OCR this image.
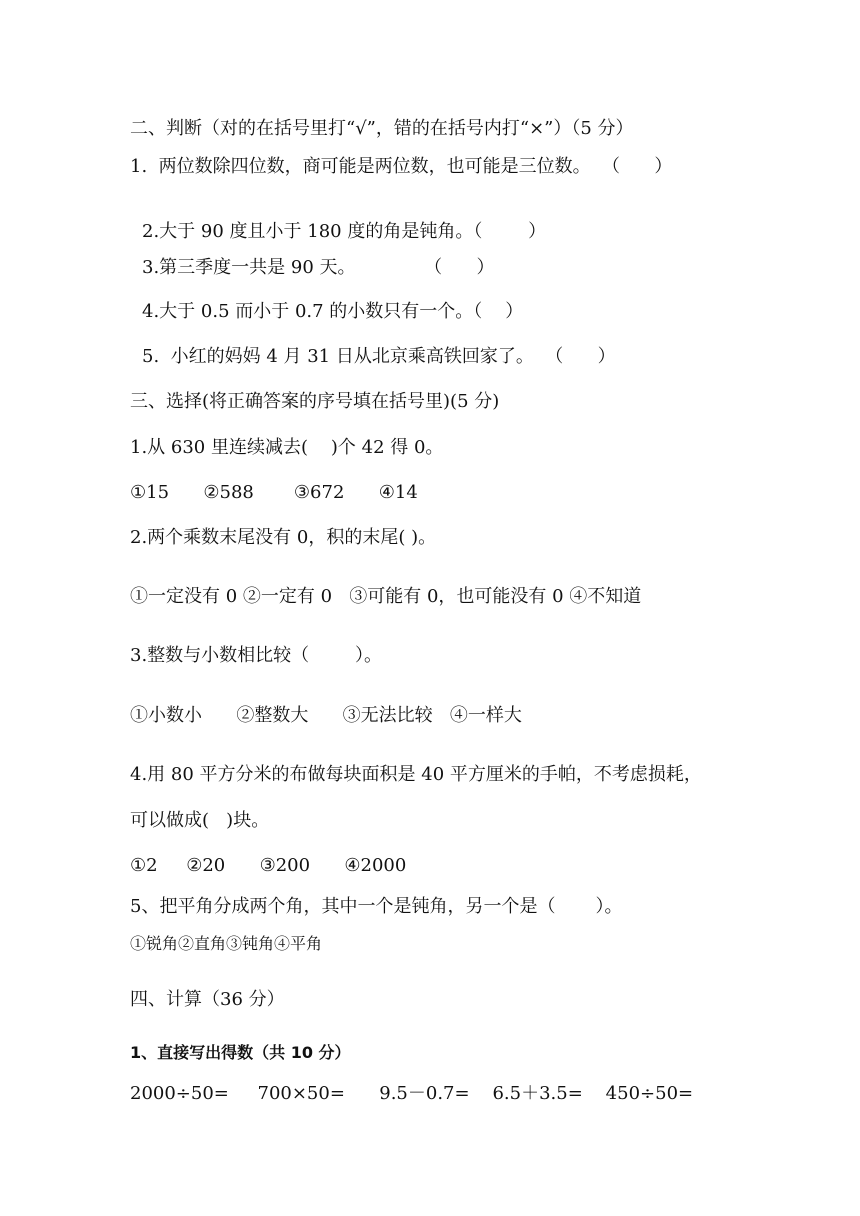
二、判断（对的在括号里打“√”，错的在括号内打“×”）（5 分）
1.  两位数除四位数，商可能是两位数，也可能是三位数。  （      ）
2.大于 90 度且小于 180 度的角是钝角。（        ）
3.第三季度一共是 90 天。            （      ）
4.大于 0.5 而小于 0.7 的小数只有一个。（    ）
5.  小红的妈妈 4 月 31 日从北京乘高铁回家了。  （      ）
三、选择(将正确答案的序号填在括号里)(5 分)
1.从 630 里连续减去(    )个 42 得 0。
①15      ②588       ③672      ④14
2.两个乘数末尾没有 0，积的末尾( )。
①一定没有 0 ②一定有 0   ③可能有 0，也可能没有 0 ④不知道
3.整数与小数相比较（        ）。
①小数小      ②整数大      ③无法比较   ④一样大
4.用 80 平方分米的布做每块面积是 40 平方厘米的手帕，不考虑损耗，
可以做成(   )块。
①2     ②20      ③200      ④2000
5、把平角分成两个角，其中一个是钝角，另一个是（       ）。
①锐角②直角③钝角④平角
四、计算（36 分）
1、直接写出得数（共 10 分）
2000÷50=     700×50=      9.5－0.7=    6.5＋3.5=    450÷50=
